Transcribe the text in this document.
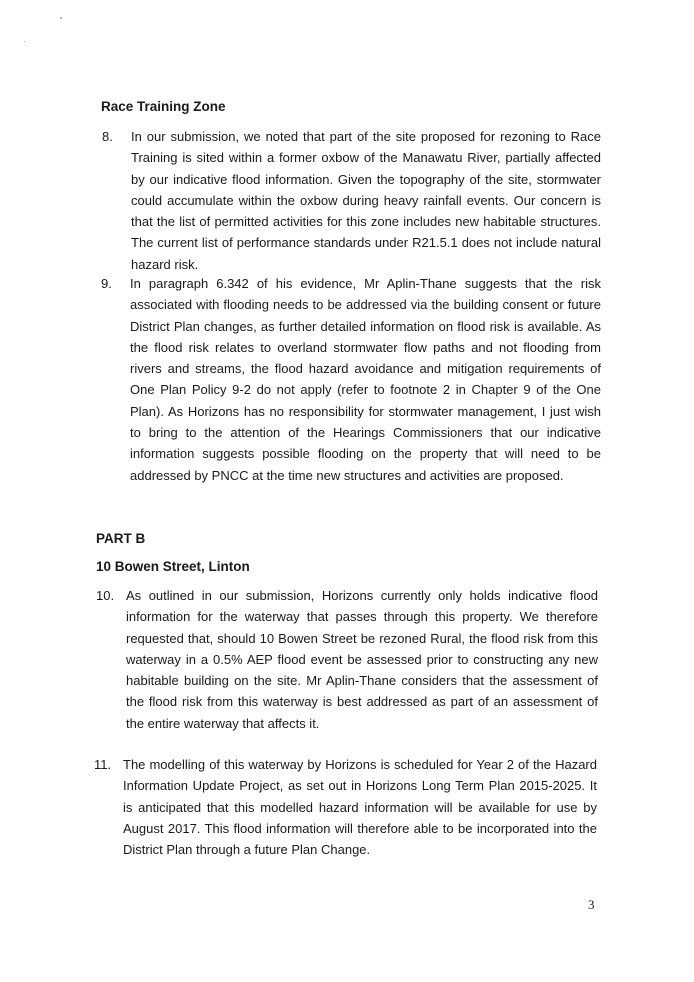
Race Training Zone
8. In our submission, we noted that part of the site proposed for rezoning to Race Training is sited within a former oxbow of the Manawatu River, partially affected by our indicative flood information. Given the topography of the site, stormwater could accumulate within the oxbow during heavy rainfall events. Our concern is that the list of permitted activities for this zone includes new habitable structures. The current list of performance standards under R21.5.1 does not include natural hazard risk.
9. In paragraph 6.342 of his evidence, Mr Aplin-Thane suggests that the risk associated with flooding needs to be addressed via the building consent or future District Plan changes, as further detailed information on flood risk is available. As the flood risk relates to overland stormwater flow paths and not flooding from rivers and streams, the flood hazard avoidance and mitigation requirements of One Plan Policy 9-2 do not apply (refer to footnote 2 in Chapter 9 of the One Plan). As Horizons has no responsibility for stormwater management, I just wish to bring to the attention of the Hearings Commissioners that our indicative information suggests possible flooding on the property that will need to be addressed by PNCC at the time new structures and activities are proposed.
PART B
10 Bowen Street, Linton
10. As outlined in our submission, Horizons currently only holds indicative flood information for the waterway that passes through this property. We therefore requested that, should 10 Bowen Street be rezoned Rural, the flood risk from this waterway in a 0.5% AEP flood event be assessed prior to constructing any new habitable building on the site. Mr Aplin-Thane considers that the assessment of the flood risk from this waterway is best addressed as part of an assessment of the entire waterway that affects it.
11. The modelling of this waterway by Horizons is scheduled for Year 2 of the Hazard Information Update Project, as set out in Horizons Long Term Plan 2015-2025. It is anticipated that this modelled hazard information will be available for use by August 2017. This flood information will therefore able to be incorporated into the District Plan through a future Plan Change.
3
